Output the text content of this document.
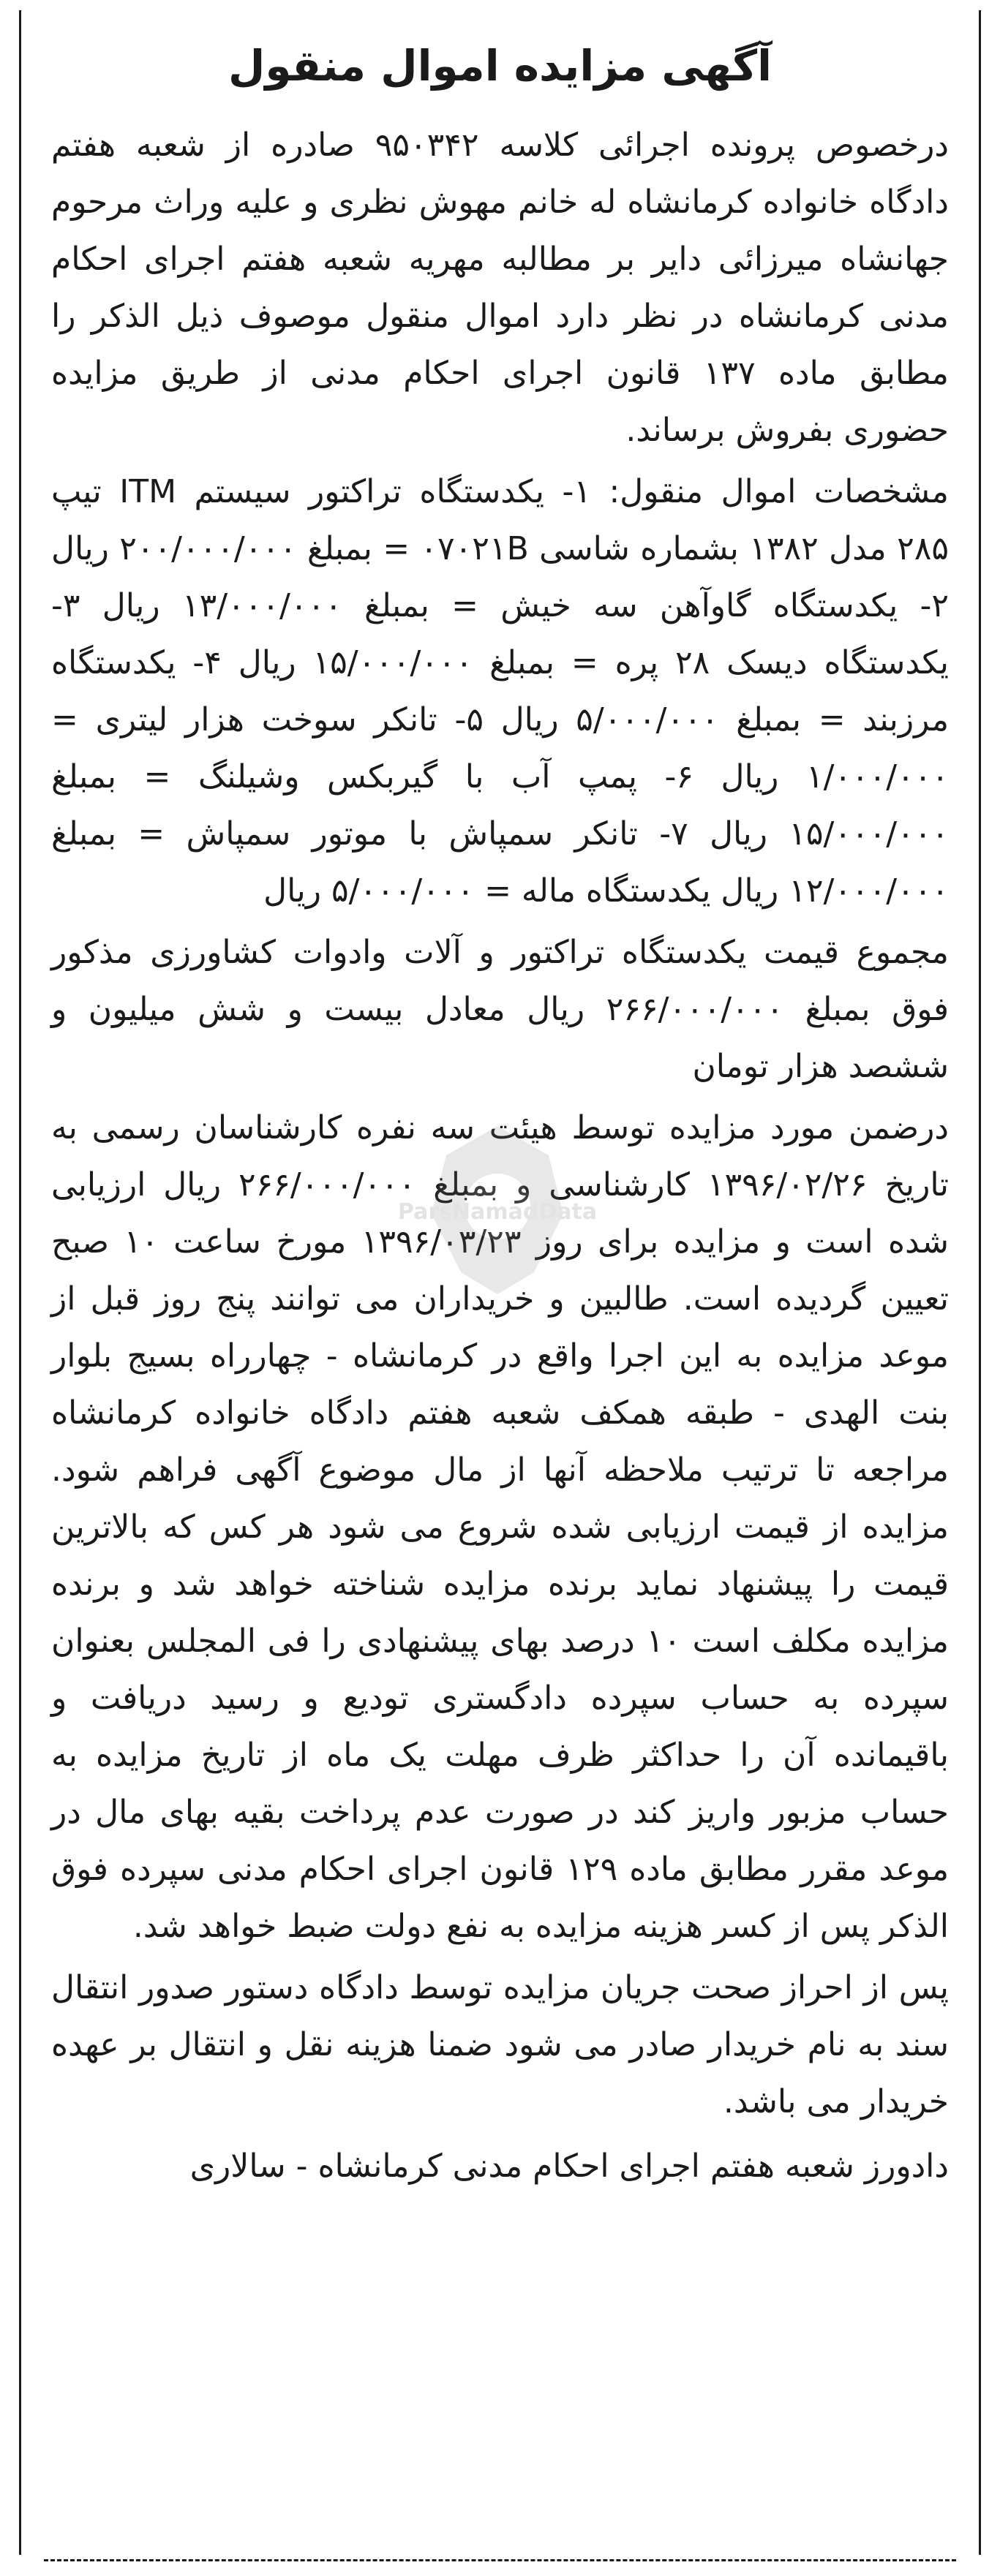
آگهی مزایده اموال منقول

درخصوص پرونده اجرائی کلاسه ۹۵۰۳۴۲ صادره از شعبه هفتم دادگاه خانواده کرمانشاه له خانم مهوش نظری و علیه وراث مرحوم جهانشاه میرزائی دایر بر مطالبه مهریه شعبه هفتم اجرای احکام مدنی کرمانشاه در نظر دارد اموال منقول موصوف ذیل الذکر را مطابق ماده ۱۳۷ قانون اجرای احکام مدنی از طریق مزایده حضوری بفروش برساند.

مشخصات اموال منقول: ۱- یکدستگاه تراکتور سیستم ITM تیپ ۲۸۵ مدل ۱۳۸۲ بشماره شاسی ۰۷۰۲۱B = بمبلغ ۲۰۰/۰۰۰/۰۰۰ ریال ۲- یکدستگاه گاوآهن سه خیش = بمبلغ ۱۳/۰۰۰/۰۰۰ ریال ۳- یکدستگاه دیسک ۲۸ پره = بمبلغ ۱۵/۰۰۰/۰۰۰ ریال ۴- یکدستگاه مرزبند = بمبلغ ۵/۰۰۰/۰۰۰ ریال ۵- تانکر سوخت هزار لیتری = ۱/۰۰۰/۰۰۰ ریال ۶- پمپ آب با گیربکس وشیلنگ = بمبلغ ۱۵/۰۰۰/۰۰۰ ریال ۷- تانکر سمپاش با موتور سمپاش = بمبلغ ۱۲/۰۰۰/۰۰۰ ریال یکدستگاه ماله = ۵/۰۰۰/۰۰۰ ریال

مجموع قیمت یکدستگاه تراکتور و آلات وادوات کشاورزی مذکور فوق بمبلغ ۲۶۶/۰۰۰/۰۰۰ ریال معادل بیست و شش میلیون و ششصد هزار تومان

درضمن مورد مزایده توسط هیئت سه نفره کارشناسان رسمی به تاریخ ۱۳۹۶/۰۲/۲۶ کارشناسی و بمبلغ ۲۶۶/۰۰۰/۰۰۰ ریال ارزیابی شده است و مزایده برای روز ۱۳۹۶/۰۳/۲۳ مورخ ساعت ۱۰ صبح تعیین گردیده است. طالبین و خریداران می توانند پنج روز قبل از موعد مزایده به این اجرا واقع در کرمانشاه - چهارراه بسیج بلوار بنت الهدی - طبقه همکف شعبه هفتم دادگاه خانواده کرمانشاه مراجعه تا ترتیب ملاحظه آنها از مال موضوع آگهی فراهم شود. مزایده از قیمت ارزیابی شده شروع می شود هر کس که بالاترین قیمت را پیشنهاد نماید برنده مزایده شناخته خواهد شد و برنده مزایده مکلف است ۱۰ درصد بهای پیشنهادی را فی المجلس بعنوان سپرده به حساب سپرده دادگستری تودیع و رسید دریافت و باقیمانده آن را حداکثر ظرف مهلت یک ماه از تاریخ مزایده به حساب مزبور واریز کند در صورت عدم پرداخت بقیه بهای مال در موعد مقرر مطابق ماده ۱۲۹ قانون اجرای احکام مدنی سپرده فوق الذکر پس از کسر هزینه مزایده به نفع دولت ضبط خواهد شد.

پس از احراز صحت جریان مزایده توسط دادگاه دستور صدور انتقال سند به نام خریدار صادر می شود ضمنا هزینه نقل و انتقال بر عهده خریدار می باشد.

دادورز شعبه هفتم اجرای احکام مدنی کرمانشاه - سالاری

ParsNamadData
